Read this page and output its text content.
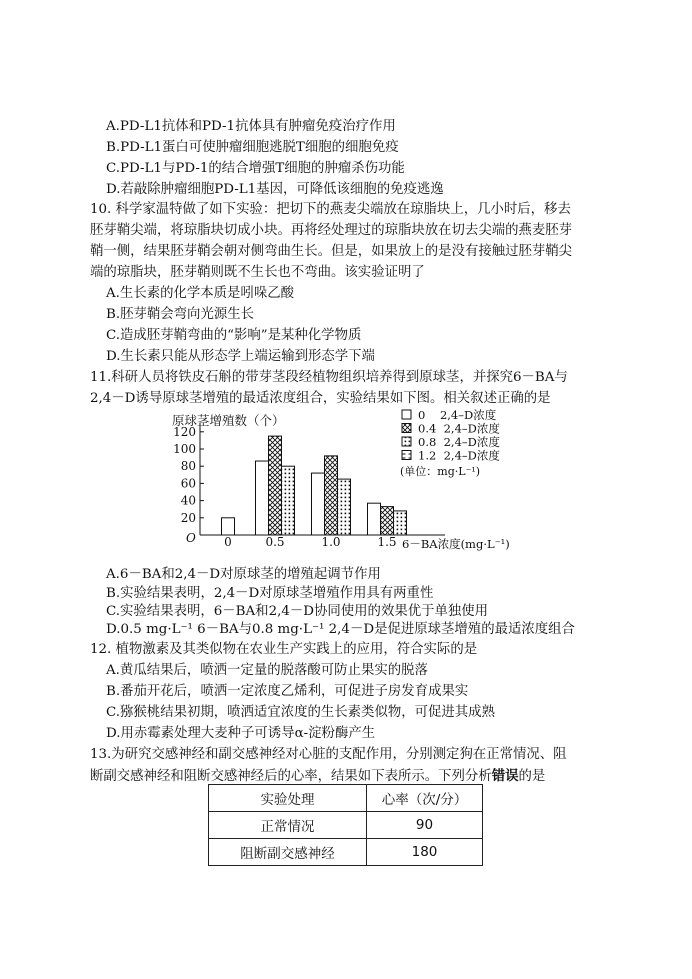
A.PD-L1抗体和PD-1抗体具有肿瘤免疫治疗作用
B.PD-L1蛋白可使肿瘤细胞逃脱T细胞的细胞免疫
C.PD-L1与PD-1的结合增强T细胞的肿瘤杀伤功能
D.若敲除肿瘤细胞PD-L1基因，可降低该细胞的免疫逃逸
10. 科学家温特做了如下实验：把切下的燕麦尖端放在琼脂块上，几小时后，移去
胚芽鞘尖端，将琼脂块切成小块。再将经处理过的琼脂块放在切去尖端的燕麦胚芽
鞘一侧，结果胚芽鞘会朝对侧弯曲生长。但是，如果放上的是没有接触过胚芽鞘尖
端的琼脂块，胚芽鞘则既不生长也不弯曲。该实验证明了
A.生长素的化学本质是吲哚乙酸
B.胚芽鞘会弯向光源生长
C.造成胚芽鞘弯曲的“影响”是某种化学物质
D.生长素只能从形态学上端运输到形态学下端
11.科研人员将铁皮石斛的带芽茎段经植物组织培养得到原球茎，并探究6－BA与
2,4－D诱导原球茎增殖的最适浓度组合，实验结果如下图。相关叙述正确的是
20
40
60
80
100
120
0	0.5	1.0	1.5
0    2,4–D浓度
0.4  2,4–D浓度
0.8  2,4–D浓度
1.2  2,4–D浓度
原球茎增殖数（个）
6－BA浓度(mg·L⁻¹)
O
(单位：mg·L⁻¹)
A.6－BA和2,4－D对原球茎的增殖起调节作用
B.实验结果表明，2,4－D对原球茎增殖作用具有两重性
C.实验结果表明，6－BA和2,4－D协同使用的效果优于单独使用
D.0.5 mg·L⁻¹ 6－BA与0.8 mg·L⁻¹ 2,4－D是促进原球茎增殖的最适浓度组合
12. 植物激素及其类似物在农业生产实践上的应用，符合实际的是
A.黄瓜结果后，喷洒一定量的脱落酸可防止果实的脱落
B.番茄开花后，喷洒一定浓度乙烯利，可促进子房发育成果实
C.猕猴桃结果初期，喷洒适宜浓度的生长素类似物，可促进其成熟
D.用赤霉素处理大麦种子可诱导α-淀粉酶产生
13.为研究交感神经和副交感神经对心脏的支配作用，分别测定狗在正常情况、阻
断副交感神经和阻断交感神经后的心率，结果如下表所示。下列分析错误的是
实验处理	心率（次/分）
正常情况	90
阻断副交感神经	180
